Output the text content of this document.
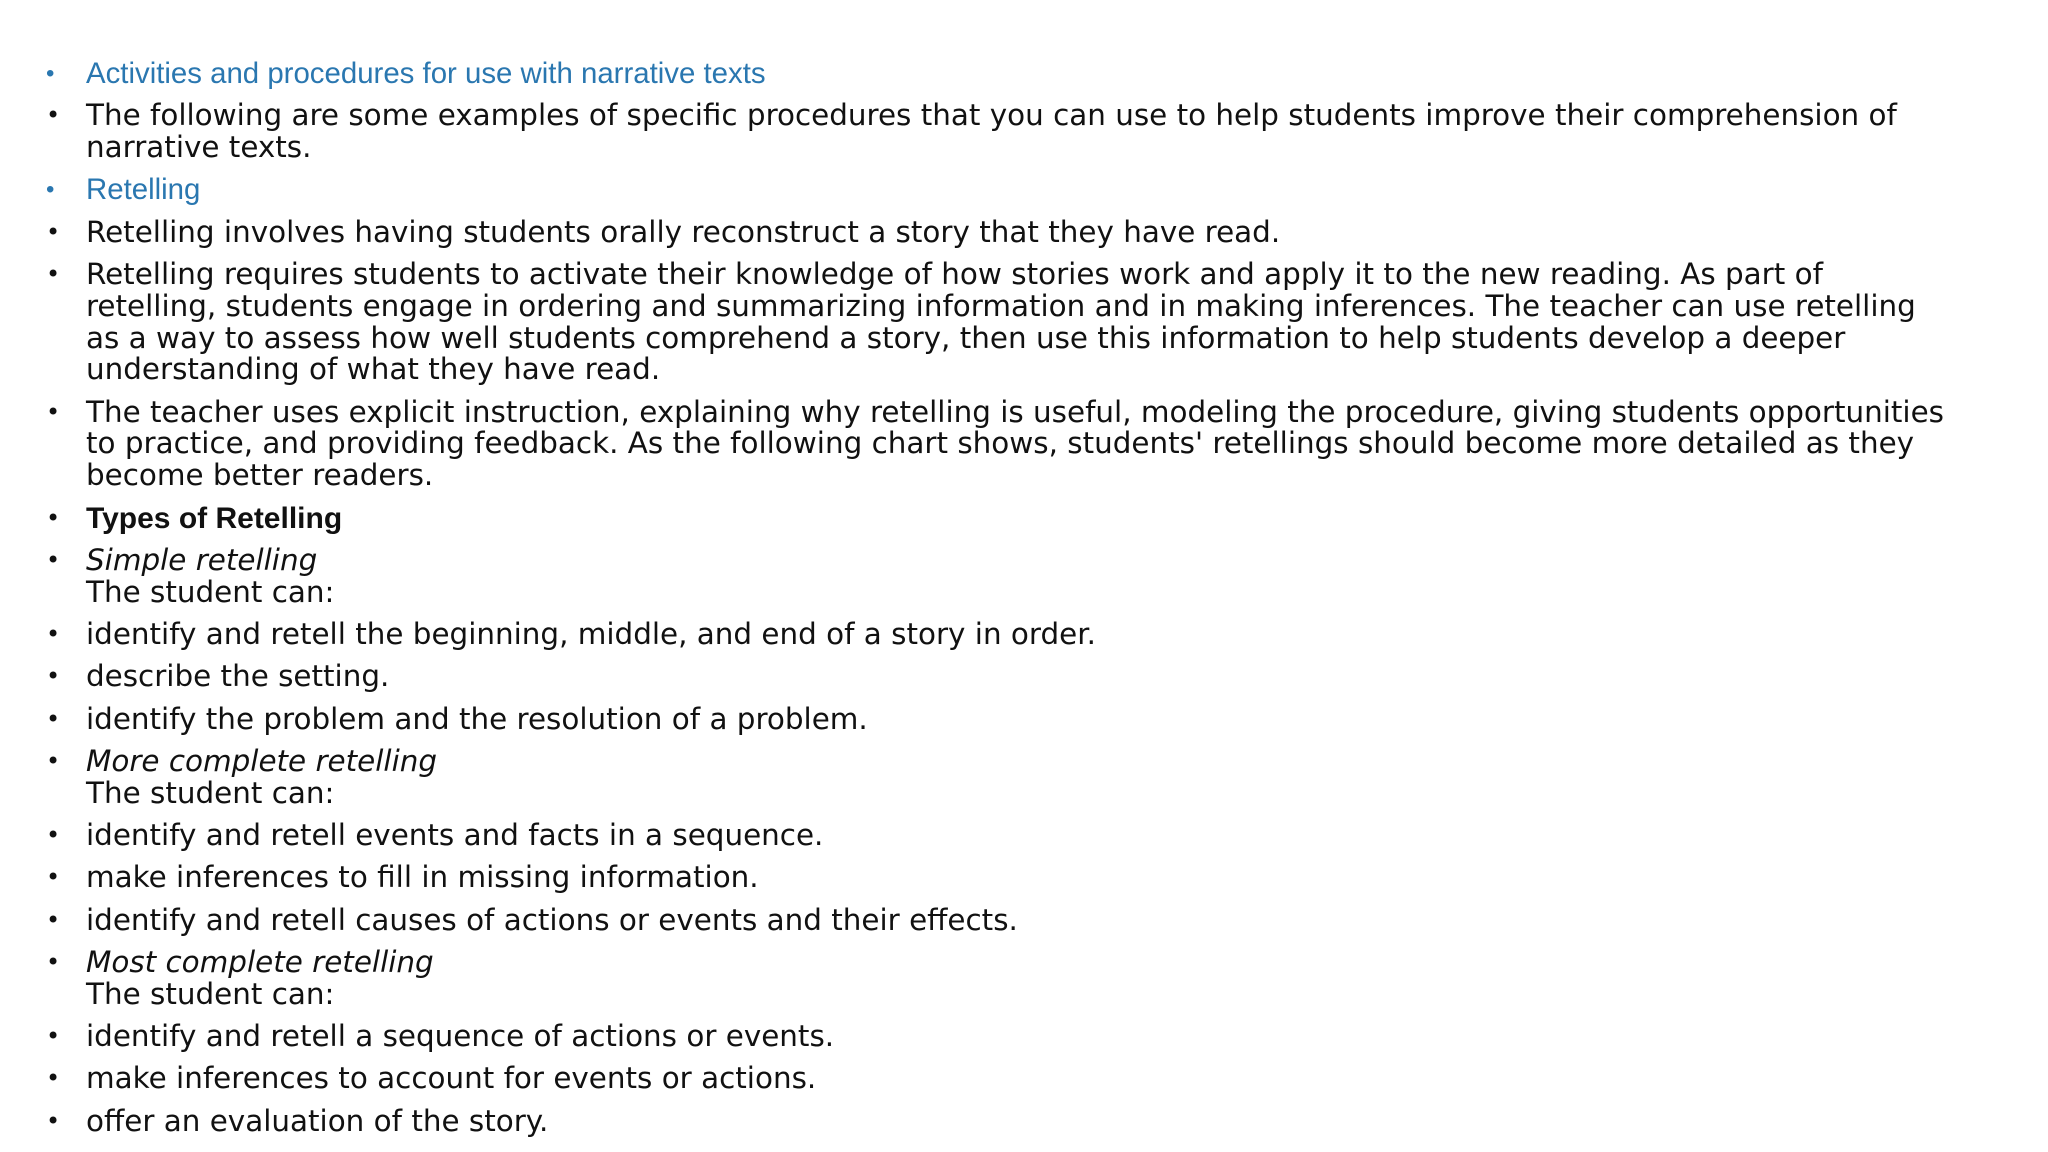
•	Activities and procedures for use with narrative texts
• The following are some examples of specific procedures that you can use to help students improve their comprehension of narrative texts.
•	Retelling
• Retelling involves having students orally reconstruct a story that they have read.
• Retelling requires students to activate their knowledge of how stories work and apply it to the new reading. As part of retelling, students engage in ordering and summarizing information and in making inferences. The teacher can use retelling as a way to assess how well students comprehend a story, then use this information to help students develop a deeper understanding of what they have read.
• The teacher uses explicit instruction, explaining why retelling is useful, modeling the procedure, giving students opportunities to practice, and providing feedback. As the following chart shows, students' retellings should become more detailed as they become better readers.
• Types of Retelling
• Simple retelling
The student can:
• identify and retell the beginning, middle, and end of a story in order.
• describe the setting.
• identify the problem and the resolution of a problem.
• More complete retelling
The student can:
• identify and retell events and facts in a sequence.
• make inferences to fill in missing information.
• identify and retell causes of actions or events and their effects.
• Most complete retelling
The student can:
• identify and retell a sequence of actions or events.
• make inferences to account for events or actions.
• offer an evaluation of the story.
